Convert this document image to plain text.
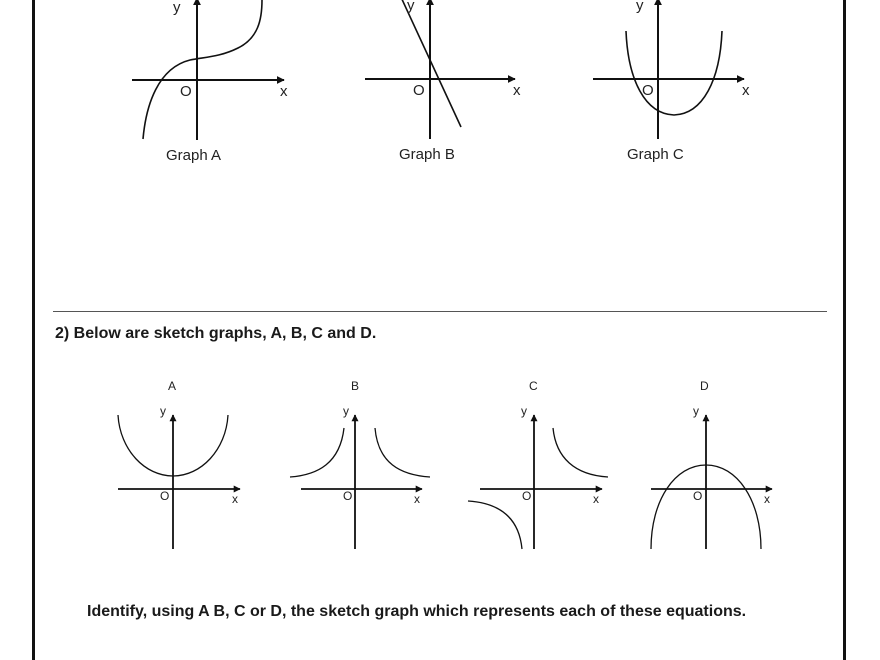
y
O	x
Graph A
y
O	x
Graph B
y
O	x
Graph C
A
y
O	x
B
y
O	x
C
y
O	x
D
y
O	x
2) Below are sketch graphs, A, B, C and D.
Identify, using A B, C or D, the sketch graph which represents each of these equations.
